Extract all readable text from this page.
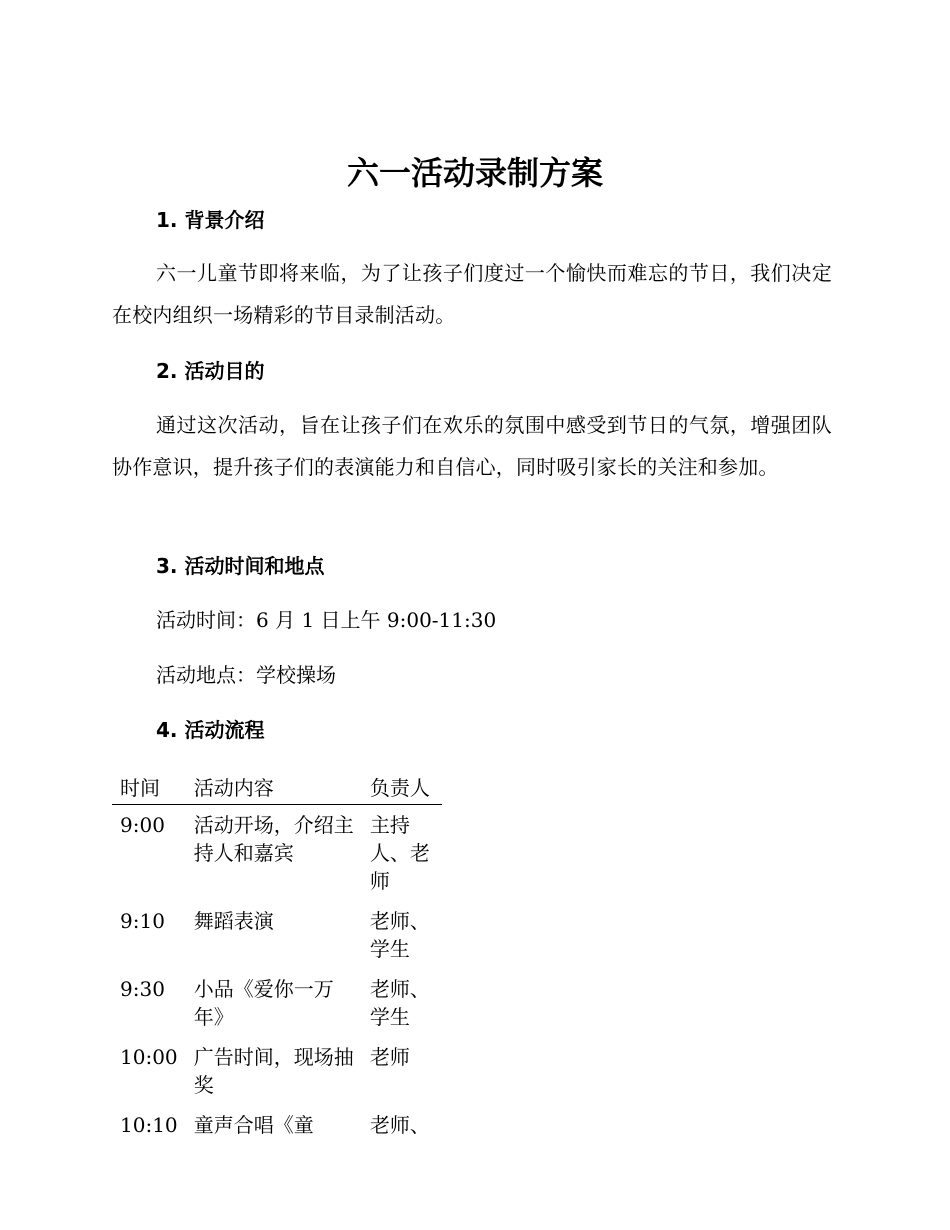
六一活动录制方案
1. 背景介绍

六一儿童节即将来临，为了让孩子们度过一个愉快而难忘的节日，我们决定在校内组织一场精彩的节目录制活动。

2. 活动目的

通过这次活动，旨在让孩子们在欢乐的氛围中感受到节日的气氛，增强团队协作意识，提升孩子们的表演能力和自信心，同时吸引家长的关注和参加。

3. 活动时间和地点

活动时间：6 月 1 日上午 9:00-11:30

活动地点：学校操场

4. 活动流程
时间	活动内容	负责人
9:00	活动开场，介绍主持人和嘉宾	主持人、老师
9:10	舞蹈表演	老师、学生
9:30	小品《爱你一万年》	老师、学生
10:00	广告时间，现场抽奖	老师
10:10	童声合唱《童	老师、
